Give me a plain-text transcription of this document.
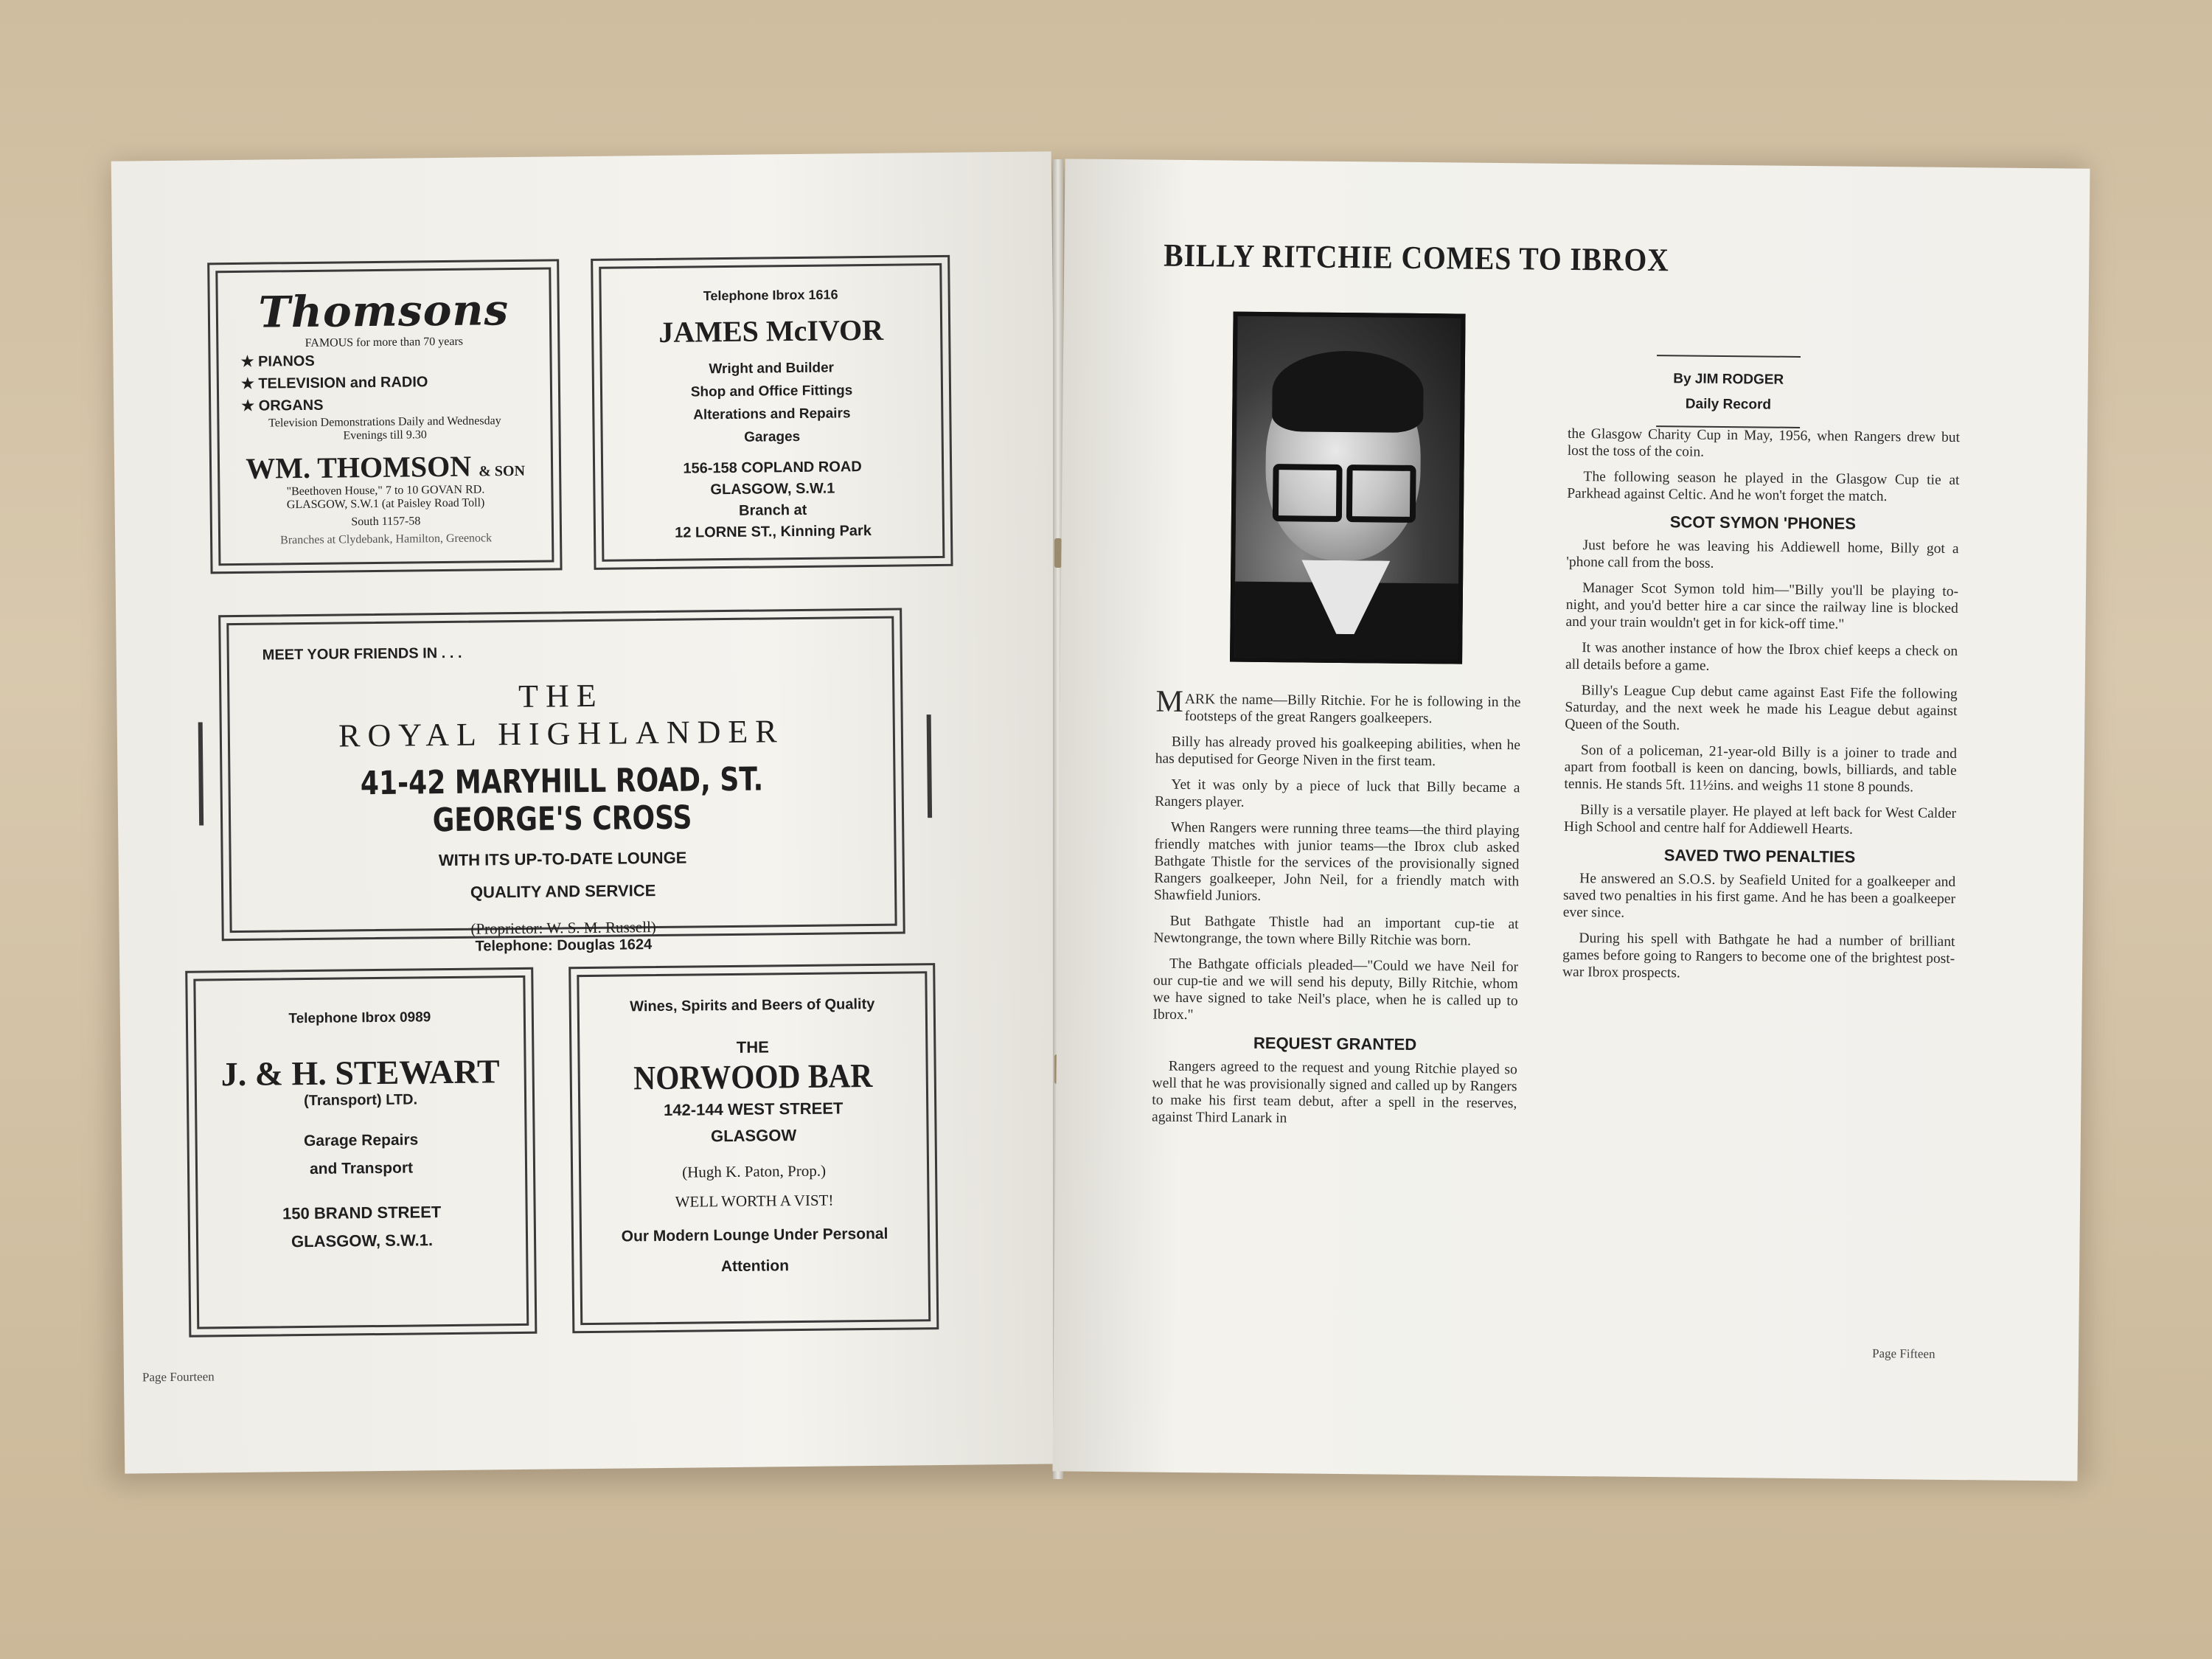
Thomsons
FAMOUS for more than 70 years
★ PIANOS
★ TELEVISION and RADIO
★ ORGANS
Television Demonstrations Daily and Wednesday Evenings till 9.30
WM. THOMSON & SON
"Beethoven House," 7 to 10 GOVAN RD.
GLASGOW, S.W.1 (at Paisley Road Toll)
South 1157-58
Branches at Clydebank, Hamilton, Greenock
Telephone Ibrox 1616
JAMES McIVOR
Wright and Builder
Shop and Office Fittings
Alterations and Repairs
Garages
156-158 COPLAND ROAD
GLASGOW, S.W.1
Branch at
12 LORNE ST., Kinning Park
MEET YOUR FRIENDS IN . . .
THE
ROYAL HIGHLANDER
41-42 MARYHILL ROAD, ST. GEORGE'S CROSS
WITH ITS UP-TO-DATE LOUNGE
QUALITY AND SERVICE
(Proprietor: W. S. M. Russell)
Telephone: Douglas 1624
Telephone Ibrox 0989
J. & H. STEWART
(Transport) LTD.
Garage Repairs
and Transport
150 BRAND STREET
GLASGOW, S.W.1.
Wines, Spirits and Beers of Quality
THE
NORWOOD BAR
142-144 WEST STREET
GLASGOW
(Hugh K. Paton, Prop.)
WELL WORTH A VIST!
Our Modern Lounge Under Personal
Attention
Page Fourteen
BILLY RITCHIE COMES TO IBROX
By JIM RODGER
Daily Record

MARK the name—Billy Ritchie. For he is following in the footsteps of the great Rangers goalkeepers.

Billy has already proved his goalkeeping abilities, when he has deputised for George Niven in the first team.

Yet it was only by a piece of luck that Billy became a Rangers player.

When Rangers were running three teams—the third playing friendly matches with junior teams—the Ibrox club asked Bathgate Thistle for the services of the provisionally signed Rangers goalkeeper, John Neil, for a friendly match with Shawfield Juniors.

But Bathgate Thistle had an important cup-tie at Newtongrange, the town where Billy Ritchie was born.

The Bathgate officials pleaded—"Could we have Neil for our cup-tie and we will send his deputy, Billy Ritchie, whom we have signed to take Neil's place, when he is called up to Ibrox."

REQUEST GRANTED

Rangers agreed to the request and young Ritchie played so well that he was provisionally signed and called up by Rangers to make his first team debut, after a spell in the reserves, against Third Lanark in

the Glasgow Charity Cup in May, 1956, when Rangers drew but lost the toss of the coin.

The following season he played in the Glasgow Cup tie at Parkhead against Celtic. And he won't forget the match.

SCOT SYMON 'PHONES

Just before he was leaving his Addiewell home, Billy got a 'phone call from the boss.

Manager Scot Symon told him—"Billy you'll be playing to-night, and you'd better hire a car since the railway line is blocked and your train wouldn't get in for kick-off time."

It was another instance of how the Ibrox chief keeps a check on all details before a game.

Billy's League Cup debut came against East Fife the following Saturday, and the next week he made his League debut against Queen of the South.

Son of a policeman, 21-year-old Billy is a joiner to trade and apart from football is keen on dancing, bowls, billiards, and table tennis. He stands 5ft. 11½ins. and weighs 11 stone 8 pounds.

Billy is a versatile player. He played at left back for West Calder High School and centre half for Addiewell Hearts.

SAVED TWO PENALTIES

He answered an S.O.S. by Seafield United for a goalkeeper and saved two penalties in his first game. And he has been a goalkeeper ever since.

During his spell with Bathgate he had a number of brilliant games before going to Rangers to become one of the brightest post-war Ibrox prospects.

Page Fifteen
